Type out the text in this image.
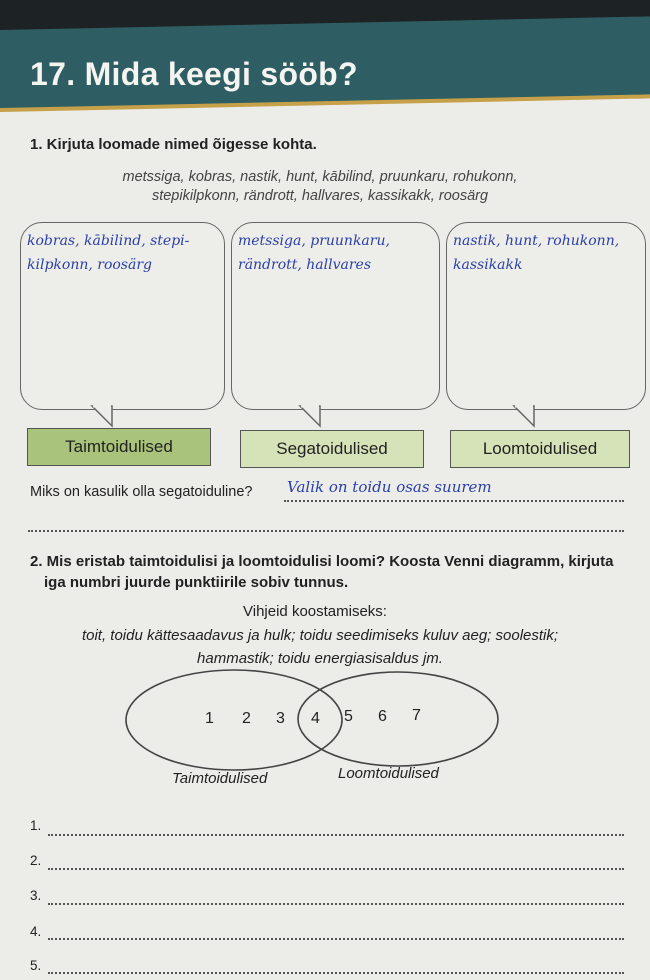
17. Mida keegi sööb?
1. Kirjuta loomade nimed õigesse kohta.
metssiga, kobras, nastik, hunt, kābilind, pruunkaru, rohukonn,
stepikilpkonn, rändrott, hallvares, kassikakk, roosärg
kobras, kābilind, stepi-
kilpkonn, roosärg
metssiga, pruunkaru,
rändrott, hallvares
nastik, hunt, rohukonn,
kassikakk
Taimtoidulised	Segatoidulised	Loomtoidulised
Miks on kasulik olla segatoiduline? Valik on toidu osas suurem
2. Mis eristab taimtoidulisi ja loomtoidulisi loomi? Koosta Venni diagramm, kirjuta
iga numbri juurde punktiirile sobiv tunnus.
Vihjeid koostamiseks:
toit, toidu kättesaadavus ja hulk; toidu seedimiseks kuluv aeg; soolestik;
hammastik; toidu energiasisaldus jm.
1 2 3 4 5 6 7
Taimtoidulised	Loomtoidulised
1.
2.
3.
4.
5.
